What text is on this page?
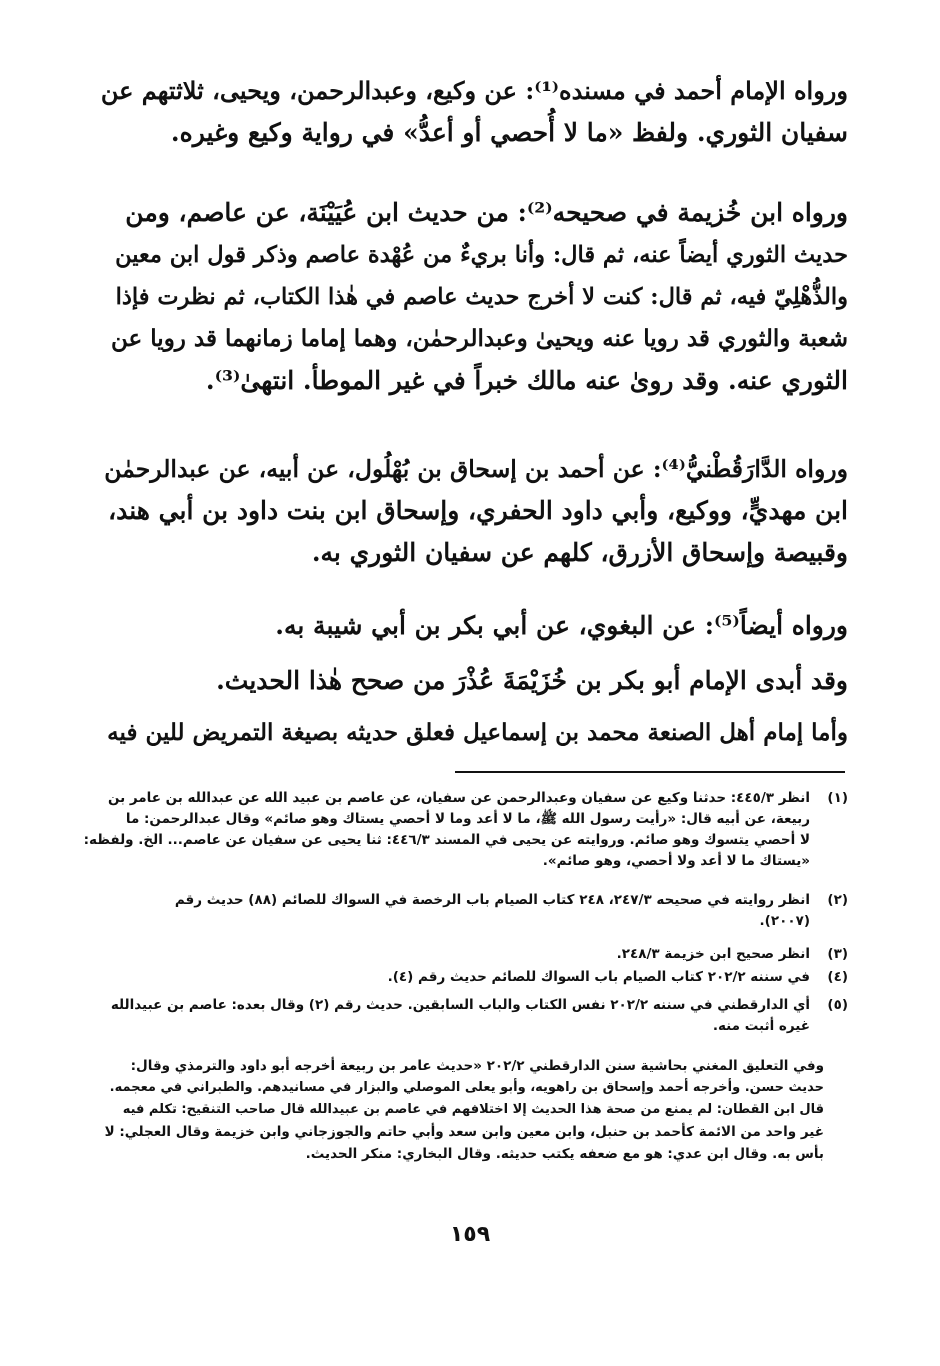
ورواه الإمام أحمد في مسنده⁽¹⁾: عن وكيع، وعبدالرحمن، ويحيى، ثلاثتهم عن
سفيان الثوري. ولفظ «ما لا أُحصي أو أعدُّ» في رواية وكيع وغيره.
ورواه ابن خُزيمة في صحيحه⁽²⁾: من حديث ابن عُيَيْنَة، عن عاصم، ومن
حديث الثوري أيضاً عنه، ثم قال: وأنا بريءٌ من عُهْدة عاصم وذكر قول ابن معين
والذُّهْلِيّ فيه، ثم قال: كنت لا أخرج حديث عاصم في هٰذا الكتاب، ثم نظرت فإذا
شعبة والثوري قد رويا عنه ويحيىٰ وعبدالرحمٰن، وهما إماما زمانهما قد رويا عن
الثوري عنه. وقد روىٰ عنه مالك خبراً في غير الموطأ. انتهىٰ⁽³⁾.
ورواه الدَّارَقُطْنيُّ⁽⁴⁾: عن أحمد بن إسحاق بن بُهْلُول، عن أبيه، عن عبدالرحمٰن
ابن مهديٍّ، ووكيع، وأبي داود الحفري، وإسحاق ابن بنت داود بن أبي هند،
وقبيصة وإسحاق الأزرق، كلهم عن سفيان الثوري به.
ورواه أيضاً⁽⁵⁾: عن البغوي، عن أبي بكر بن أبي شيبة به.
وقد أبدى الإمام أبو بكر بن خُزَيْمَةَ عُذْرَ من صحح هٰذا الحديث.
وأما إمام أهل الصنعة محمد بن إسماعيل فعلق حديثه بصيغة التمريض للين فيه
(١)
انظر ٤٤٥/٣: حدثنا وكيع عن سفيان وعبدالرحمن عن سفيان، عن عاصم بن عبيد الله عن عبدالله بن عامر بن
ربيعة، عن أبيه قال: «رأيت رسول الله ﷺ، ما لا أعد وما لا أحصي يستاك وهو صائم» وقال عبدالرحمن: ما
لا أحصي يتسوك وهو صائم. وروايته عن يحيى في المسند ٤٤٦/٣: ثنا يحيى عن سفيان عن عاصم... الخ. ولفظه:
«يستاك ما لا أعد ولا أحصي، وهو صائم».
(٢)
انظر روايته في صحيحه ٢٤٧/٣، ٢٤٨ كتاب الصيام باب الرخصة في السواك للصائم (٨٨) حديث رقم
(٢٠٠٧).
(٣)
انظر صحيح ابن خزيمة ٢٤٨/٣.
(٤)
في سننه ٢٠٢/٢ كتاب الصيام باب السواك للصائم حديث رقم (٤).
(٥)
أي الدارقطني في سننه ٢٠٢/٢ نفس الكتاب والباب السابقين. حديث رقم (٢) وقال بعده: عاصم بن عبيدالله
غيره أثبت منه.
وفي التعليق المغني بحاشية سنن الدارقطني ٢٠٢/٢ «حديث عامر بن ربيعة أخرجه أبو داود والترمذي وقال:
حديث حسن. وأخرجه أحمد وإسحاق بن راهويه، وأبو يعلى الموصلي والبزار في مسانيدهم. والطبراني في معجمه.
قال ابن القطان: لم يمنع من صحة هذا الحديث إلا اختلافهم في عاصم بن عبيدالله قال صاحب التنقيح: تكلم فيه
غير واحد من الائمة كأحمد بن حنبل، وابن معين وابن سعد وأبي حاتم والجوزجاني وابن خزيمة وقال العجلي: لا
بأس به. وقال ابن عدي: هو مع ضعفه يكتب حديثه. وقال البخاري: منكر الحديث.
١٥٩
